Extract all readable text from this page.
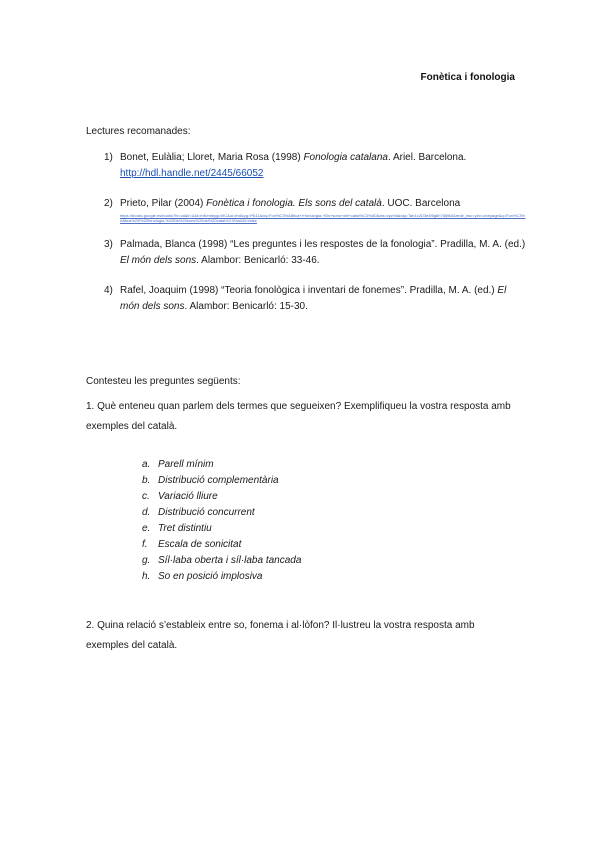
Fonètica i fonologia
Lectures recomanades:
1) Bonet, Eulàlia; Lloret, Maria Rosa (1998) Fonologia catalana. Ariel. Barcelona.
http://hdl.handle.net/2445/66052
2) Prieto, Pilar (2004) Fonètica i fonologia. Els sons del català. UOC. Barcelona
https://books.google.es/books?hl=ca&lr=&id=rhKembyguVIC&oi=fnd&pg=PA11&dq=Fon%C3%A8tica+i+fonologia.+Els+sons+del+catal%C3%A0&ots=xyzHa&sig=Tab1c2D3e4f5g6h7i8j9k0&redir_esc=y#v=onepage&q=Fon%C3%A8tica%20i%20fonologia.%20Els%20sons%20del%20catal%C3%A0&f=false
3) Palmada, Blanca (1998) “Les preguntes i les respostes de la fonologia”. Pradilla, M. A. (ed.) El món dels sons. Alambor: Benicarló: 33-46.
4) Rafel, Joaquim (1998) “Teoria fonològica i inventari de fonemes”. Pradilla, M. A. (ed.) El món dels sons. Alambor: Benicarló: 15-30.
Contesteu les preguntes següents:
1. Què enteneu quan parlem dels termes que segueixen? Exemplifiqueu la vostra resposta amb exemples del català.
a. Parell mínim
b. Distribució complementària
c. Variació lliure
d. Distribució concurrent
e. Tret distintiu
f. Escala de sonicitat
g. Síl·laba oberta i síl·laba tancada
h. So en posició implosiva
2. Quina relació s’estableix entre so, fonema i al·lòfon? Il·lustreu la vostra resposta amb exemples del català.
